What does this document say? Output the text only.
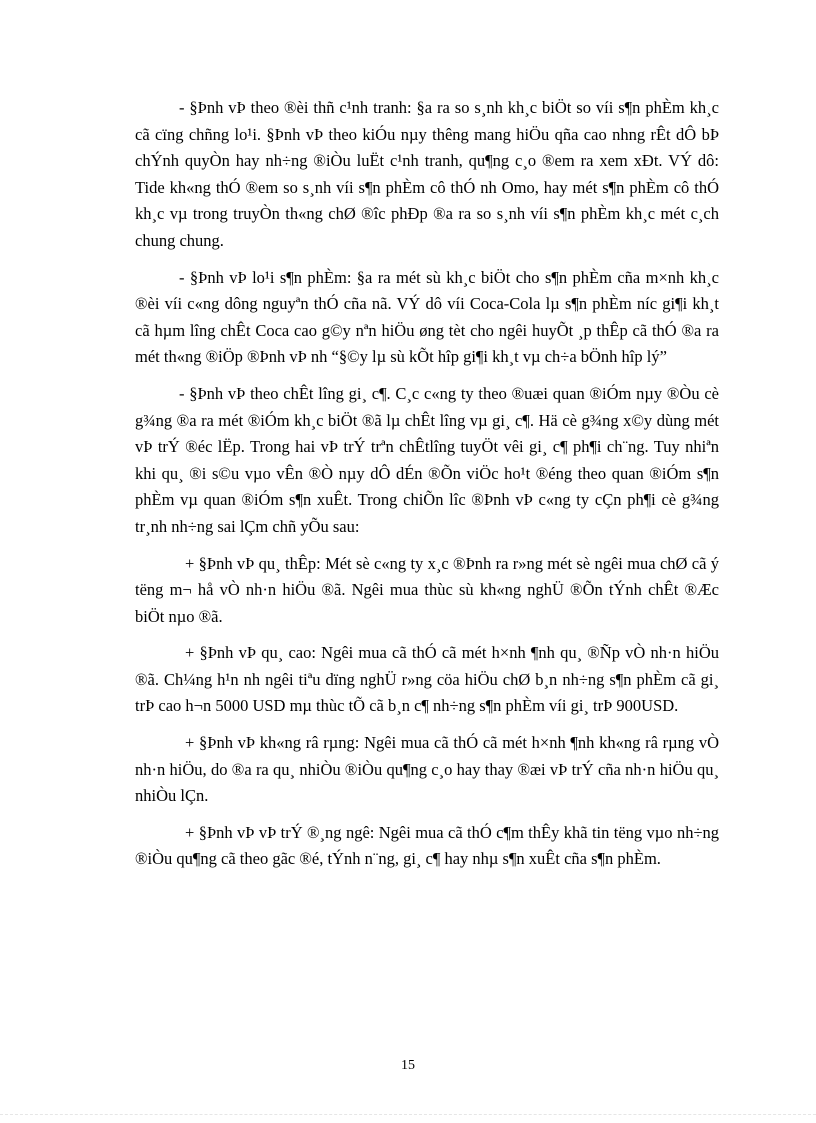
- §Þnh vÞ theo ®èi thñ c¹nh tranh: §a ra so s¸nh kh¸c biÖt so víi s¶n phÈm kh¸c cã cïng chñng lo¹i. §Þnh vÞ theo kiÓu nµy thêng mang hiÖu qña cao nhng rÊt dÔ bÞ chÝnh quyÒn hay nh÷ng ®iÒu luËt c¹nh tranh, qu¶ng c¸o ®em ra xem xÐt. VÝ dô: Tide kh«ng thÓ ®em so s¸nh víi s¶n phÈm cô thÓ nh Omo, hay mét s¶n phÈm cô thÓ kh¸c vµ trong truyÒn th«ng chØ ®îc phÐp ®a ra so s¸nh víi s¶n phÈm kh¸c mét c¸ch chung chung.

- §Þnh vÞ lo¹i s¶n phÈm: §a ra mét sù kh¸c biÖt cho s¶n phÈm cña m×nh kh¸c ®èi víi c«ng dông nguyªn thÓ cña nã. VÝ dô víi Coca-Cola lµ s¶n phÈm níc gi¶i kh¸t cã hµm lîng chÊt Coca cao g©y nªn hiÖu øng tèt cho ngêi huyÕt ¸p thÊp cã thÓ ®a ra mét th«ng ®iÖp ®Þnh vÞ nh “§©y lµ sù kÕt hîp gi¶i kh¸t vµ ch÷a bÖnh hîp lý”

- §Þnh vÞ theo chÊt lîng gi¸ c¶. C¸c c«ng ty theo ®uæi quan ®iÓm nµy ®Òu cè g¾ng ®a ra mét ®iÓm kh¸c biÖt ®ã lµ chÊt lîng vµ gi¸ c¶. Hä cè g¾ng x©y dùng mét vÞ trÝ ®éc lËp. Trong hai vÞ trÝ trªn chÊtlîng tuyÖt vêi gi¸ c¶ ph¶i ch¨ng. Tuy nhiªn khi qu¸ ®i s©u vµo vÊn ®Ò nµy dÔ dÉn ®Õn viÖc ho¹t ®éng theo quan ®iÓm s¶n phÈm vµ quan ®iÓm s¶n xuÊt. Trong chiÕn lîc ®Þnh vÞ c«ng ty cÇn ph¶i cè g¾ng tr¸nh nh÷ng sai lÇm chñ yÕu sau:

+ §Þnh vÞ qu¸ thÊp: Mét sè c«ng ty x¸c ®Þnh ra r»ng mét sè ngêi mua chØ cã ý tëng m¬ hå vÒ nh·n hiÖu ®ã. Ngêi mua thùc sù kh«ng nghÜ ®Õn tÝnh chÊt ®Æc biÖt nµo ®ã.

+ §Þnh vÞ qu¸ cao: Ngêi mua cã thÓ cã mét h×nh ¶nh qu¸ ®Ñp vÒ nh·n hiÖu ®ã. Ch¼ng h¹n nh ngêi tiªu dïng nghÜ r»ng cöa hiÖu chØ b¸n nh÷ng s¶n phÈm cã gi¸ trÞ cao h¬n 5000 USD mµ thùc tÕ cã b¸n c¶ nh÷ng s¶n phÈm víi gi¸ trÞ 900USD.

+ §Þnh vÞ kh«ng râ rµng: Ngêi mua cã thÓ cã mét h×nh ¶nh kh«ng râ rµng vÒ nh·n hiÖu, do ®a ra qu¸ nhiÒu ®iÒu qu¶ng c¸o hay thay ®æi vÞ trÝ cña nh·n hiÖu qu¸ nhiÒu lÇn.

+ §Þnh vÞ vÞ trÝ ®¸ng ngê: Ngêi mua cã thÓ c¶m thÊy khã tin tëng vµo nh÷ng ®iÒu qu¶ng cã theo gãc ®é, tÝnh n¨ng, gi¸ c¶ hay nhµ s¶n xuÊt cña s¶n phÈm.

15
